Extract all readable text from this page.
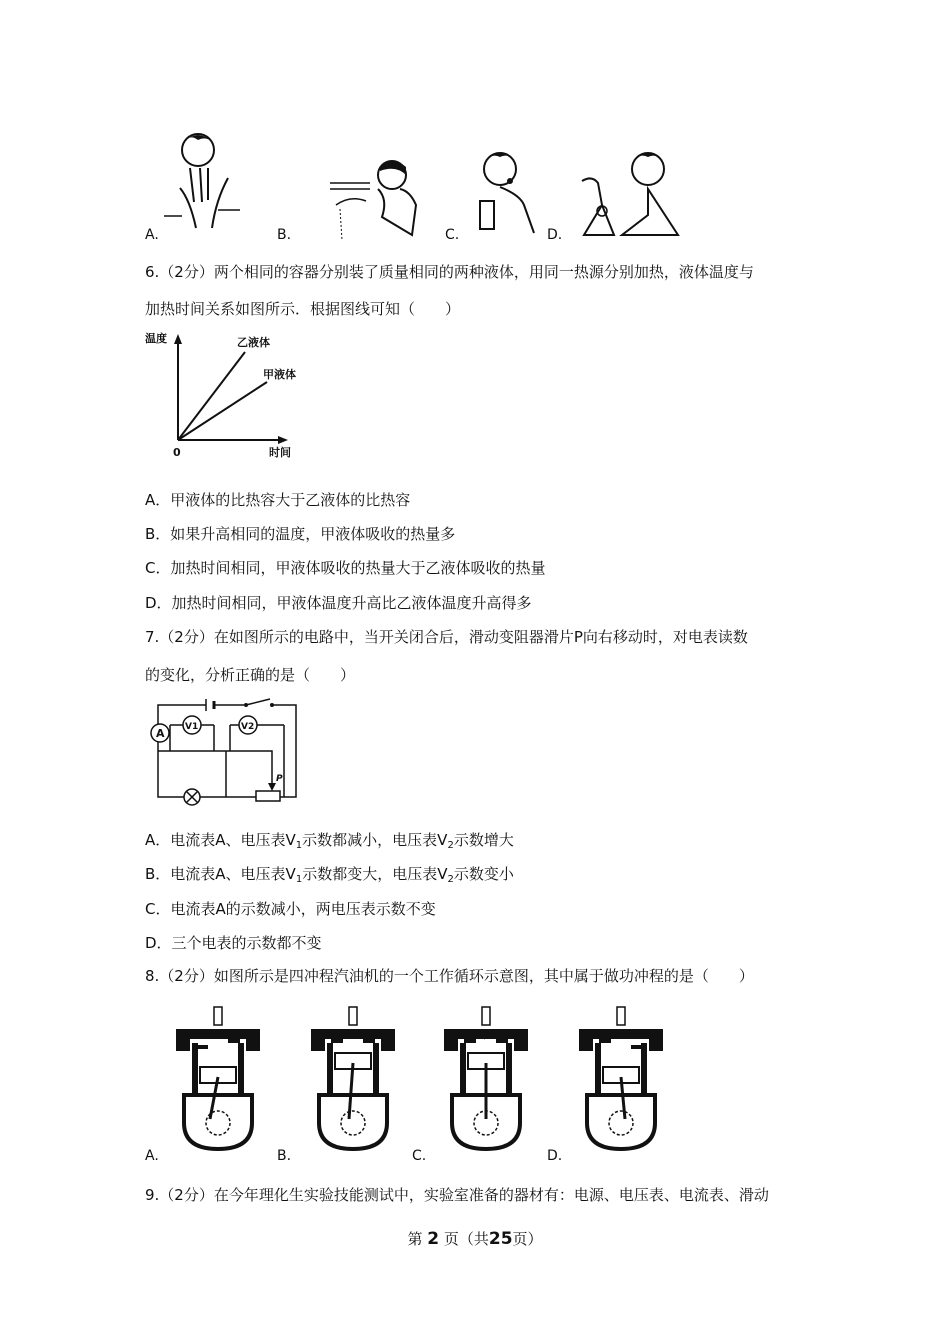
A.	B.	C.	D.
6.（2分）两个相同的容器分别装了质量相同的两种液体，用同一热源分别加热，液体温度与
加热时间关系如图所示．根据图线可知（　　）
温度	乙液体
甲液体
0	时间
A．甲液体的比热容大于乙液体的比热容
B．如果升高相同的温度，甲液体吸收的热量多
C．加热时间相同，甲液体吸收的热量大于乙液体吸收的热量
D．加热时间相同，甲液体温度升高比乙液体温度升高得多
7.（2分）在如图所示的电路中，当开关闭合后，滑动变阻器滑片P向右移动时，对电表读数
的变化，分析正确的是（　　）
A V1	V2
P
A．电流表A、电压表$V_1$示数都减小，电压表$V_2$示数增大
B．电流表A、电压表$V_1$示数都变大，电压表$V_2$示数变小
C．电流表A的示数减小，两电压表示数不变
D．三个电表的示数都不变
8.（2分）如图所示是四冲程汽油机的一个工作循环示意图，其中属于做功冲程的是（　　）
A.	B.	C.	D.
9.（2分）在今年理化生实验技能测试中，实验室准备的器材有：电源、电压表、电流表、滑动
第 2 页（共25页）
